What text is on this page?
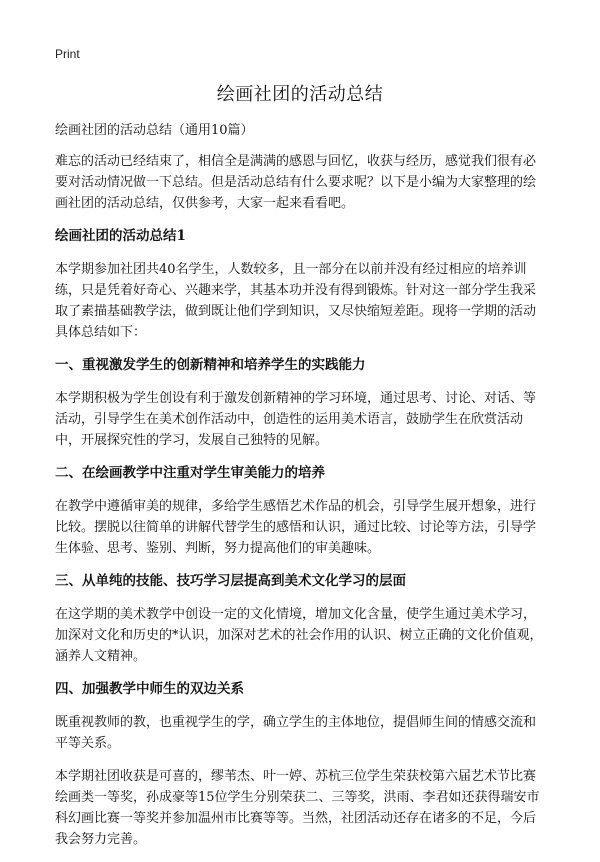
Print
绘画社团的活动总结

绘画社团的活动总结（通用10篇）

难忘的活动已经结束了，相信全是满满的感恩与回忆，收获与经历，感觉我们很有必要对活动情况做一下总结。但是活动总结有什么要求呢？以下是小编为大家整理的绘画社团的活动总结，仅供参考，大家一起来看看吧。

绘画社团的活动总结1

本学期参加社团共40名学生，人数较多，且一部分在以前并没有经过相应的培养训练，只是凭着好奇心、兴趣来学，其基本功并没有得到锻炼。针对这一部分学生我采取了素描基础教学法，做到既让他们学到知识，又尽快缩短差距。现将一学期的活动具体总结如下：

一、重视激发学生的创新精神和培养学生的实践能力

本学期积极为学生创设有利于激发创新精神的学习环境，通过思考、讨论、对话、等活动，引导学生在美术创作活动中，创造性的运用美术语言，鼓励学生在欣赏活动中，开展探究性的学习，发展自己独特的见解。

二、在绘画教学中注重对学生审美能力的培养

在教学中遵循审美的规律，多给学生感悟艺术作品的机会，引导学生展开想象，进行比较。摆脱以往简单的讲解代替学生的感悟和认识，通过比较、讨论等方法，引导学生体验、思考、鉴别、判断，努力提高他们的审美趣味。

三、从单纯的技能、技巧学习层提高到美术文化学习的层面

在这学期的美术教学中创设一定的文化情境，增加文化含量，使学生通过美术学习，加深对文化和历史的*认识，加深对艺术的社会作用的认识、树立正确的文化价值观，涵养人文精神。

四、加强教学中师生的双边关系

既重视教师的教，也重视学生的学，确立学生的主体地位，提倡师生间的情感交流和平等关系。

本学期社团收获是可喜的，缪苇杰、叶一婷、苏杭三位学生荣获校第六届艺术节比赛绘画类一等奖，孙成豪等15位学生分别荣获二、三等奖，洪雨、李君如还获得瑞安市科幻画比赛一等奖并参加温州市比赛等等。当然，社团活动还存在诸多的不足，今后我会努力完善。
